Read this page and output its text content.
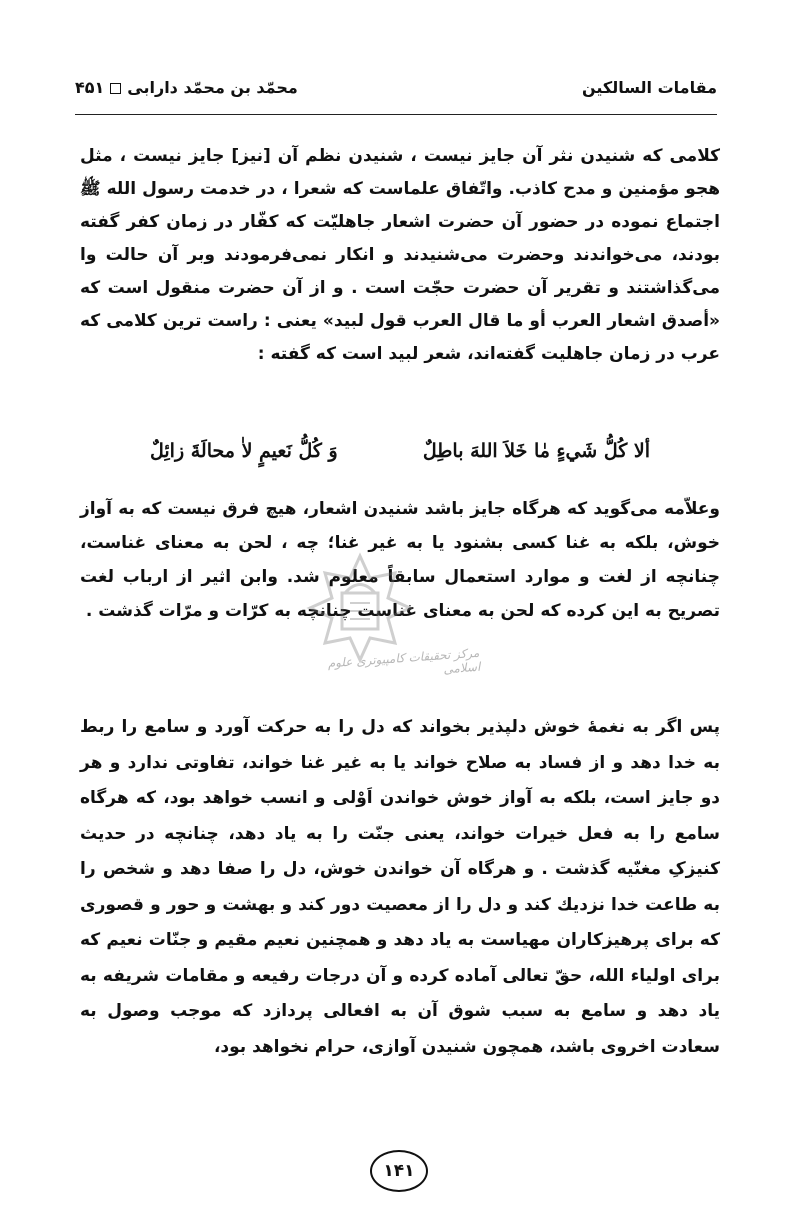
مقامات السالكين
محمّد بن محمّد دارابی۴۵۱

کلامی که شنیدن نثر آن جایز نیست ، شنیدن نظم آن [نیز] جایز نیست ، مثل هجو مؤمنین و مدح کاذب. واتّفاق علماست که شعرا ، در خدمت رسول الله ﷺ اجتماع نموده در حضور آن حضرت اشعار جاهلیّت که کفّار در زمان کفر گفته بودند، می‌خواندند وحضرت می‌شنیدند و انکار نمی‌فرمودند وبر آن حالت وا می‌گذاشتند و تقریر آن حضرت حجّت است . و از آن حضرت منقول است که «أصدق اشعار العرب أو ما قال العرب قول لبید» یعنی : راست ترین کلامی که عرب در زمان جاهلیت گفته‌اند، شعر لبید است که گفته :

ألا كُلُّ شَيءٍ مٰا خَلاَ اللهَ باطِلٌ
وَ كُلُّ نَعيمٍ لاٰ محالَةَ زائِلٌ

وعلاّمه می‌گوید که هرگاه جایز باشد شنیدن اشعار، هیچ فرق نیست که به آواز خوش، بلکه به غنا کسی بشنود یا به غیر غنا؛ چه ، لحن به معنای غناست، چنانچه از لغت و موارد استعمال سابقاً معلوم شد. وابن اثیر از ارباب لغت تصریح به این کرده که لحن به معنای غناست چنانچه به کرّات و مرّات گذشت .

مرکز تحقیقات کامپیوتری علوم اسلامی

پس اگر به نغمهٔ خوش دلپذیر بخواند که دل را به حرکت آورد و سامع را ربط به خدا دهد و از فساد به صلاح خواند یا به غیر غنا خواند، تفاوتی ندارد و هر دو جایز است، بلکه به آواز خوش خواندن اَوْلی و انسب خواهد بود، که هرگاه سامع را به فعل خیرات خواند، یعنی جنّت را به یاد دهد، چنانچه در حدیث کنیزکِ مغنّیه گذشت . و هرگاه آن خواندن خوش، دل را صفا دهد و شخص را به طاعت خدا نزدیك کند و دل را از معصیت دور کند و بهشت و حور و قصوری که برای پرهیزکاران مهیاست به یاد دهد و همچنین نعیم مقیم و جنّات نعیم که برای اولیاء الله، حقّ تعالی آماده کرده و آن درجات رفیعه و مقامات شریفه به یاد دهد و سامع به سبب شوق آن به افعالی پردازد که موجب وصول به سعادت اخروی باشد، همچون شنیدن آوازی، حرام نخواهد بود،

۱۴۱
